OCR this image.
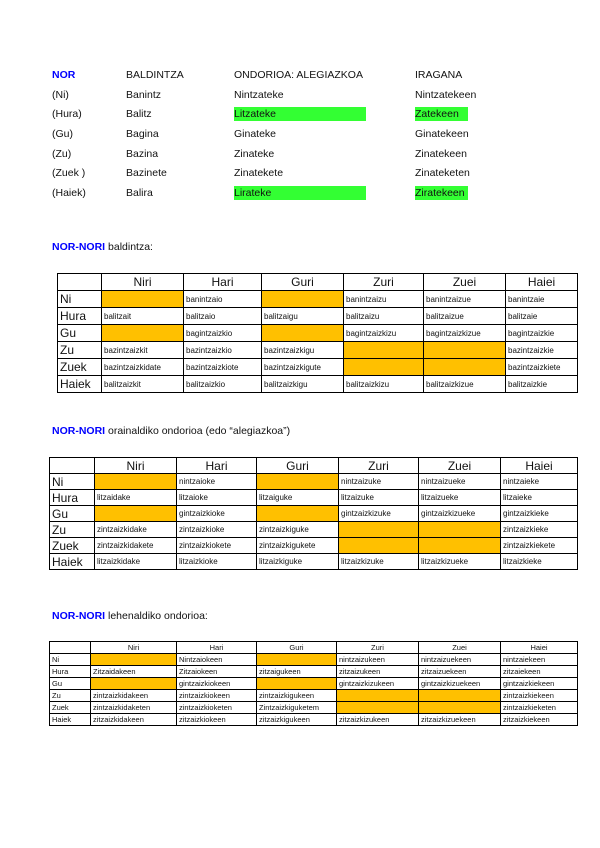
NOR	BALDINTZA	ONDORIOA: ALEGIAZKOA	IRAGANA
(Ni)	Banintz	Nintzateke	Nintzatekeen
(Hura)	Balitz	Litzateke	Zatekeen
(Gu)	Bagina	Ginateke	Ginatekeen
(Zu)	Bazina	Zinateke	Zinatekeen
(Zuek )	Bazinete	Zinatekete	Zinateketen
(Haiek)	Balira	Lirateke	Ziratekeen
NOR-NORI baldintza:
	Niri	Hari	Guri	Zuri	Zuei	Haiei
Ni		banintzaio		banintzaizu	banintzaizue	banintzaie
Hura	balitzait	balitzaio	balitzaigu	balitzaizu	balitzaizue	balitzaie
Gu		bagintzaizkio		bagintzaizkizu	bagintzaizkizue	bagintzaizkie
Zu	bazintzaizkit	bazintzaizkio	bazintzaizkigu			bazintzaizkie
Zuek	bazintzaizkidate	bazintzaizkiote	bazintzaizkigute			bazintzaizkiete
Haiek	balitzaizkit	balitzaizkio	balitzaizkigu	balitzaizkizu	balitzaizkizue	balitzaizkie
NOR-NORI orainaldiko ondorioa (edo “alegiazkoa”)
	Niri	Hari	Guri	Zuri	Zuei	Haiei
Ni		nintzaioke		nintzaizuke	nintzaizueke	nintzaieke
Hura	litzaidake	litzaioke	litzaiguke	litzaizuke	litzaizueke	litzaieke
Gu		gintzaizkioke		gintzaizkizuke	gintzaizkizueke	gintzaizkieke
Zu	zintzaizkidake	zintzaizkioke	zintzaizkiguke			zintzaizkieke
Zuek	zintzaizkidakete	zintzaizkiokete	zintzaizkigukete			zintzaizkiekete
Haiek	litzaizkidake	litzaizkioke	litzaizkiguke	litzaizkizuke	litzaizkizueke	litzaizkieke
NOR-NORI lehenaldiko ondorioa:
	Niri	Hari	Guri	Zuri	Zuei	Haiei
Ni		Nintzaiokeen		nintzaizukeen	nintzaizuekeen	nintzaiekeen
Hura	Zitzaidakeen	Zitzaiokeen	zitzaigukeen	zitzaizukeen	zitzaizuekeen	zitzaiekeen
Gu		gintzaizkiokeen		gintzaizkizukeen	gintzaizkizuekeen	gintzaizkiekeen
Zu	zintzaizkidakeen	zintzaizkiokeen	zintzaizkigukeen			zintzaizkiekeen
Zuek	zintzaizkidaketen	zintzaizkioketen	Zintzaizkiguketem			zintzaizkieketen
Haiek	zitzaizkidakeen	zitzaizkiokeen	zitzaizkigukeen	zitzaizkizukeen	zitzaizkizuekeen	zitzaizkiekeen
